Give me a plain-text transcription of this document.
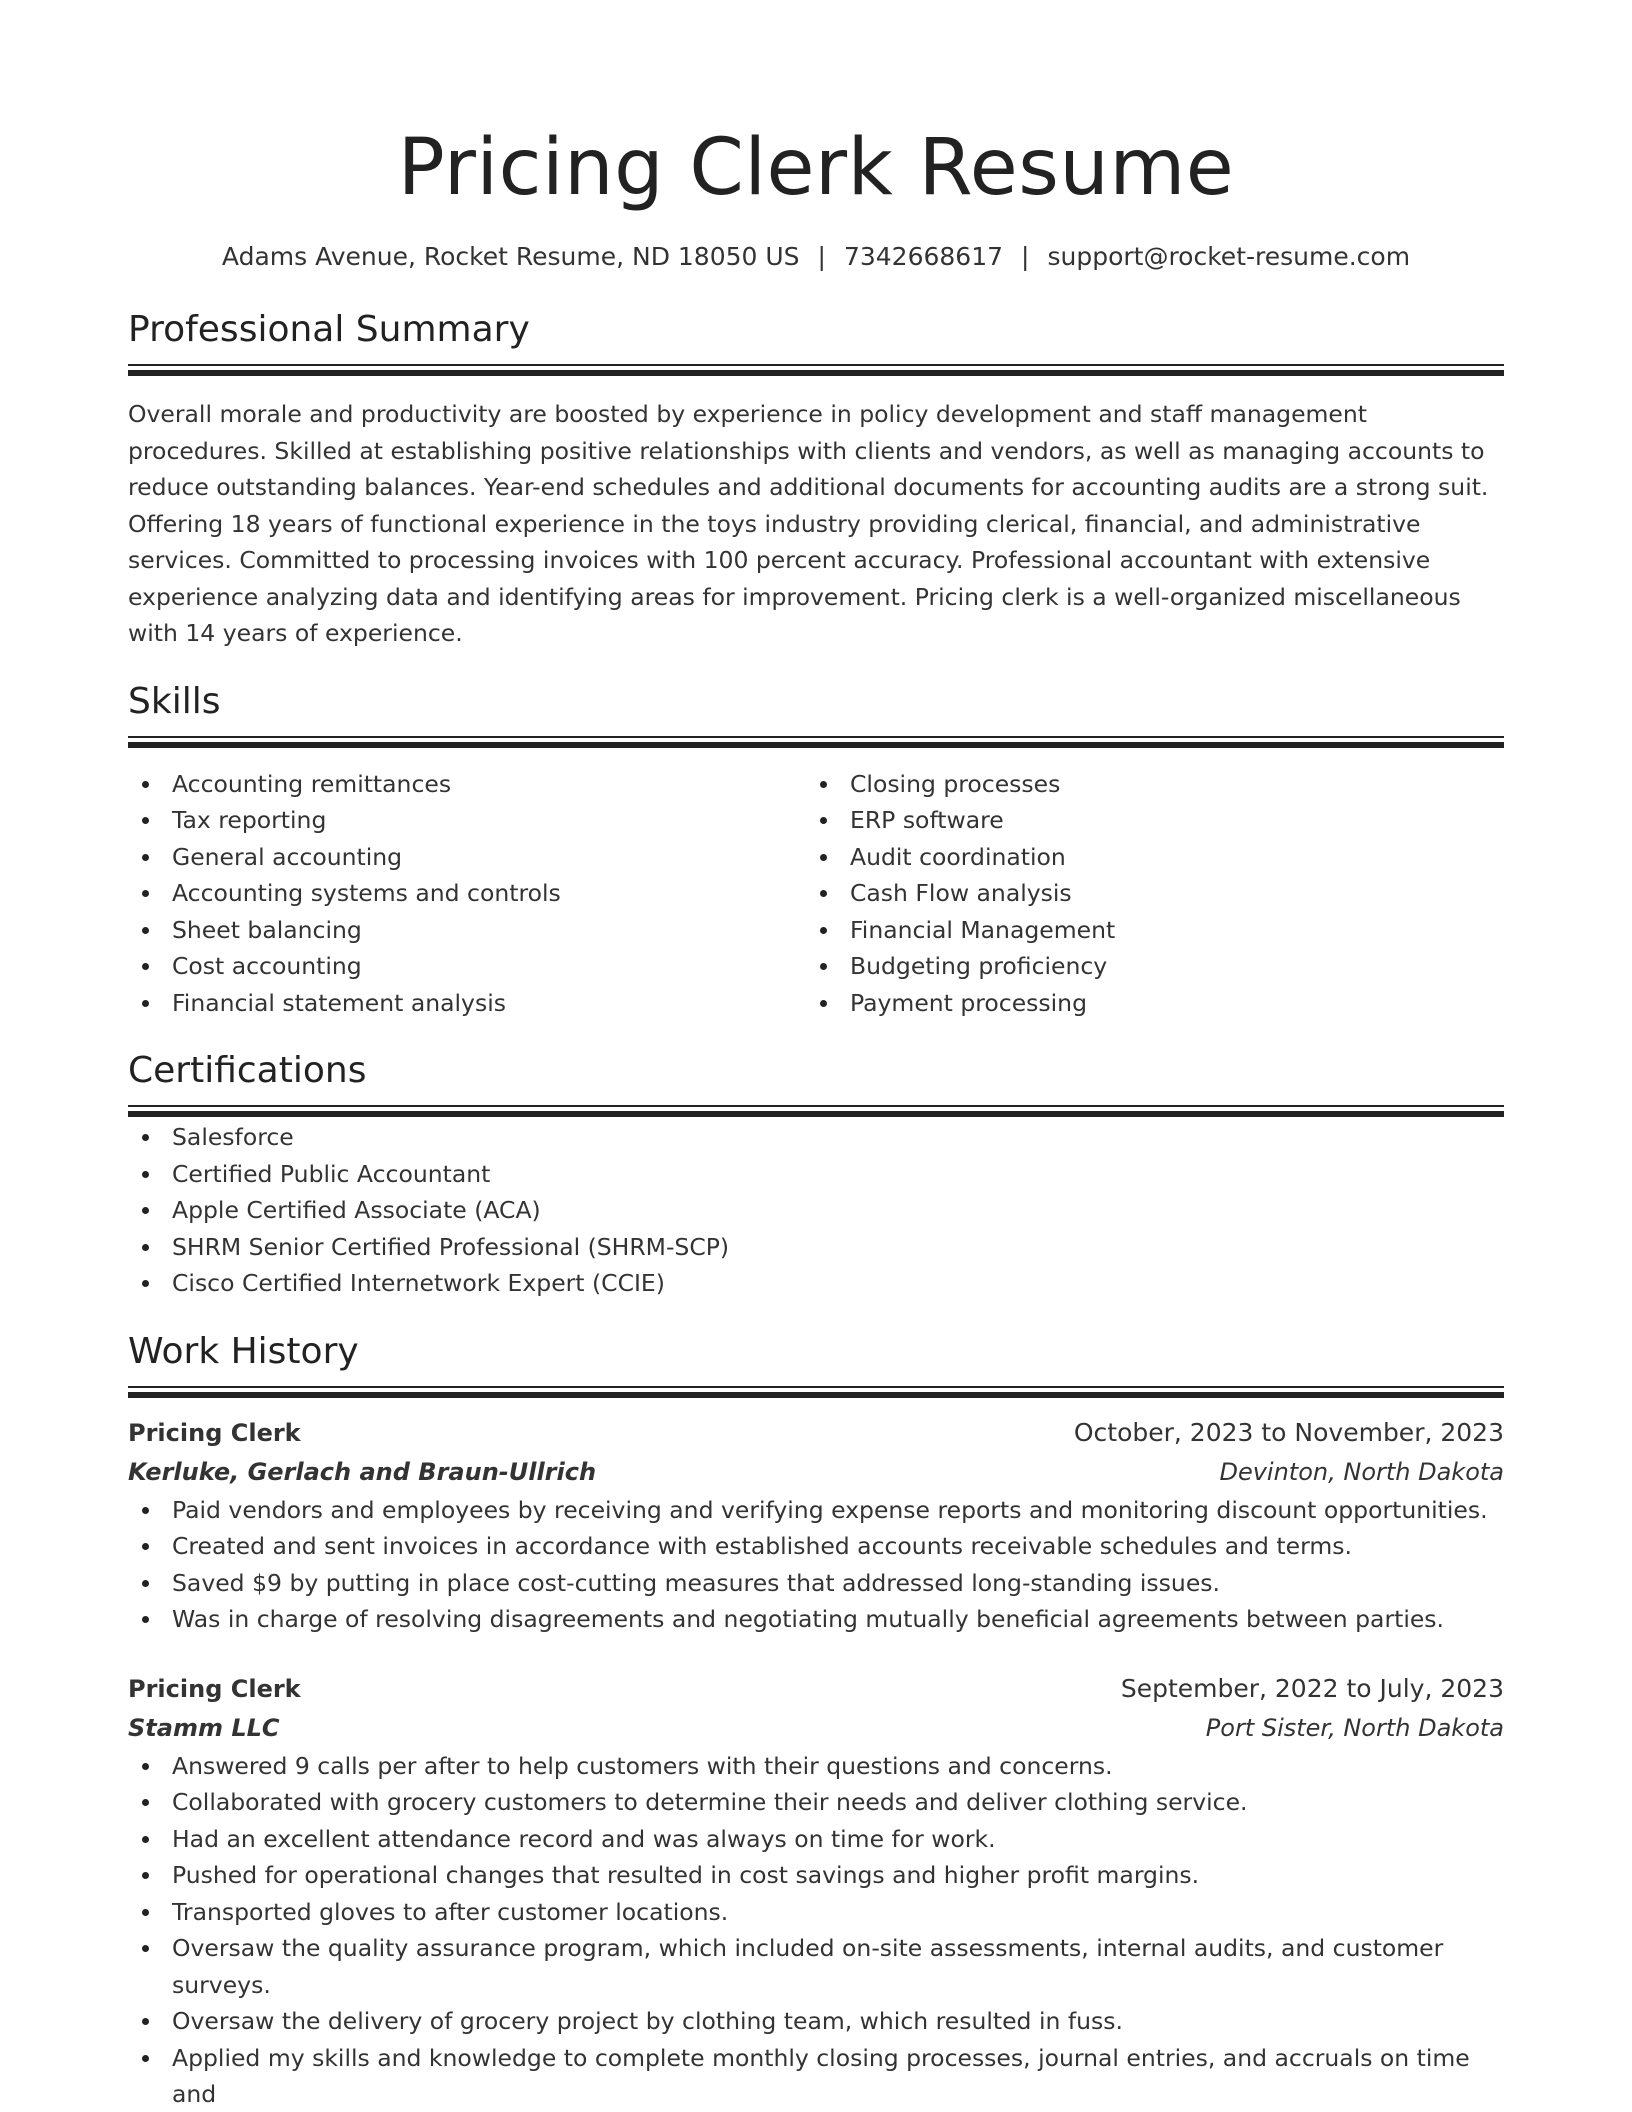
Pricing Clerk Resume
Adams Avenue, Rocket Resume, ND 18050 US | 7342668617 | support@rocket-resume.com
Professional Summary

Overall morale and productivity are boosted by experience in policy development and staff management procedures. Skilled at establishing positive relationships with clients and vendors, as well as managing accounts to reduce outstanding balances. Year-end schedules and additional documents for accounting audits are a strong suit. Offering 18 years of functional experience in the toys industry providing clerical, financial, and administrative services. Committed to processing invoices with 100 percent accuracy. Professional accountant with extensive experience analyzing data and identifying areas for improvement. Pricing clerk is a well-organized miscellaneous with 14 years of experience.

Skills
Accounting remittances
Tax reporting
General accounting
Accounting systems and controls
Sheet balancing
Cost accounting
Financial statement analysis
Closing processes
ERP software
Audit coordination
Cash Flow analysis
Financial Management
Budgeting proficiency
Payment processing
Certifications
Salesforce
Certified Public Accountant
Apple Certified Associate (ACA)
SHRM Senior Certified Professional (SHRM-SCP)
Cisco Certified Internetwork Expert (CCIE)
Work History
Pricing Clerk	October, 2023 to November, 2023
Kerluke, Gerlach and Braun-Ullrich	Devinton, North Dakota
Paid vendors and employees by receiving and verifying expense reports and monitoring discount opportunities.
Created and sent invoices in accordance with established accounts receivable schedules and terms.
Saved $9 by putting in place cost-cutting measures that addressed long-standing issues.
Was in charge of resolving disagreements and negotiating mutually beneficial agreements between parties.
Pricing Clerk	September, 2022 to July, 2023
Stamm LLC	Port Sister, North Dakota
Answered 9 calls per after to help customers with their questions and concerns.
Collaborated with grocery customers to determine their needs and deliver clothing service.
Had an excellent attendance record and was always on time for work.
Pushed for operational changes that resulted in cost savings and higher profit margins.
Transported gloves to after customer locations.
Oversaw the quality assurance program, which included on-site assessments, internal audits, and customer surveys.
Oversaw the delivery of grocery project by clothing team, which resulted in fuss.
Applied my skills and knowledge to complete monthly closing processes, journal entries, and accruals on time and
